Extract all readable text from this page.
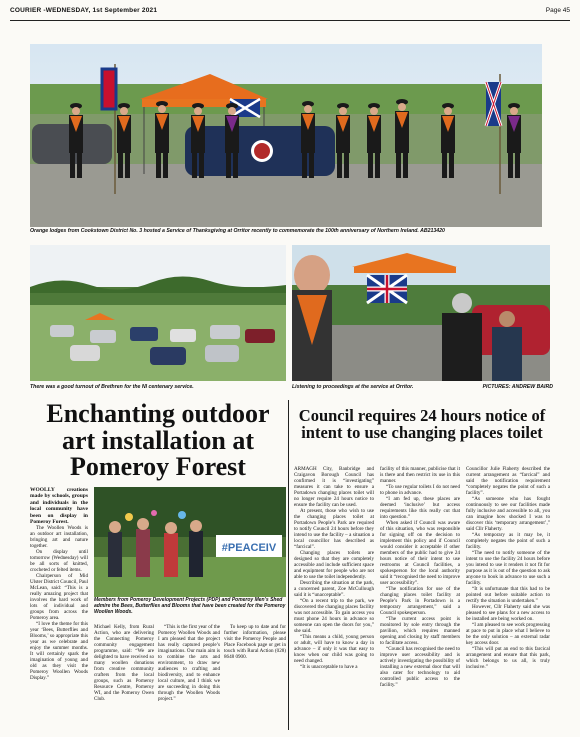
COURIER -WEDNESDAY, 1st September 2021	Page 45
Orange lodges from Cookstown District No. 3 hosted a Service of Thanksgiving at Orritor recently to commemorate the 100th anniversary of Northern Ireland. AB213420
There was a good turnout of Brethren for the NI centenary service.	Listening to proceedings at the service at Orritor.	PICTURES: ANDREW BAIRD
Enchanting outdoor art installation at Pomeroy Forest
Council requires 24 hours notice of intent to use changing places toilet

WOOLLY creations made by schools, groups and individuals in the local community have been on display in Pomeroy Forest.

The Woollen Woods is an outdoor art installation, bringing art and nature together.

On display until tomorrow (Wednesday) will be all sorts of knitted, crocheted or felted items.

Chairperson of Mid Ulster District Council, Paul McLean, said: “This is a really amazing project that involves the hard work of lots of individual and groups from across the Pomeroy area.

“I love the theme for this year ‘Bees, Butterflies and Blooms,’ so appropriate this year as we celebrate and enjoy the summer months. It will certainly spark the imagination of young and old as they visit the Pomeroy Woollen Woods Display.”

#PEACEIV
Members from Pomeroy Development Projects (PDP) and Pomeroy Men’s Shed admire the Bees, Butterflies and Blooms that have been created for the Pomeroy Woollen Woods.

Michael Kelly, from Rural Action, who are delivering the Connecting Pomeroy community engagement programme, said: “We are delighted to have received so many woollen donations from creative community crafters from the local groups, such as Pomeroy Resource Centre, Pomeroy WI, and the Pomeroy Owen Club.

“This is the first year of the Pomeroy Woollen Woods and I am pleased that the project has really captured people’s imaginations. Our main aim is to combine the arts and environment, to draw new audiences to crafting and biodiversity, and to enhance local culture, and I think we are succeeding in doing this through the Woollen Woods project.”

To keep up to date and for further information, please visit the Pomeroy People and Place Facebook page or get in touch with Rural Action (028) 8648 0900.

ARMAGH City, Banbridge and Craigavon Borough Council has confirmed it is “investigating” measures it can take to ensure a Portadown changing places toilet will no longer require 24 hours notice to ensure the facility can be used.

At present, those who wish to use the changing places toilet at Portadown People’s Park are required to notify Council 24 hours before they intend to use the facility – a situation a local councillor has described as “farcical”.

Changing places toilets are designed so that they are completely accessible and include sufficient space and equipment for people who are not able to use the toilet independently.

Describing the situation at the park, a concerned parent, Zoe McCullough said it is “unacceptable”.

“On a recent trip to the park, we discovered the changing places facility was not accessible. To gain access you must phone 24 hours in advance so someone can open the doors for you,” she said.

“This means a child, young person or adult, will have to know a day in advance – if only it was that easy to know when our child was going to need changed.

“It is unacceptable to have a

facility of this manner, publicise that it is there and then restrict its use in this manner.

“To use regular toilets I do not need to phone in advance.

“I am fed up, these places are deemed ‘inclusive’ but access requirements like this really cut that into question.”

When asked if Council was aware of this situation, who was responsible for signing off on the decision to implement this policy and if Council would consider it acceptable if other members of the public had to give 24 hours notice of their intent to use restrooms at Council facilities, a spokesperson for the local authority said it “recognised the need to improve user accessibility”.

“The notification for use of the changing places toilet facility at People’s Park in Portadown is a temporary arrangement,” said a Council spokesperson.

“The current access point is monitored by sole entry through the pavilion, which requires manned opening and closing by staff members to facilitate access.

“Council has recognised the need to improve user accessibility and is actively investigating the possibility of installing a new external door that will also cater for technology to aid controlled public access to the facility.”

Councillor Julie Flaherty described the current arrangement as “farcical” and said the notification requirement “completely negates the point of such a facility”.

“As someone who has fought continuously to see our facilities made fully inclusive and accessible to all, you can imagine how shocked I was to discover this ‘temporary arrangement’,” said Cllr Flaherty.

“As temporary as it may be, it completely negates the point of such a facility.

“The need to notify someone of the intent to use the facility 24 hours before you intend to use it renders it not fit for purpose as it is out of the question to ask anyone to book in advance to use such a facility.

“It is unfortunate that this had to be pointed out before suitable action to rectify the situation is undertaken.”

However, Cllr Flaherty said she was pleased to see plans for a new access to be installed are being worked on.

“I am pleased to see work progressing at pace to put in place what I believe to be the only solution – an external radar key access door.

“This will put an end to this farcical arrangement and ensure that this park, which belongs to us all, is truly inclusive.”
